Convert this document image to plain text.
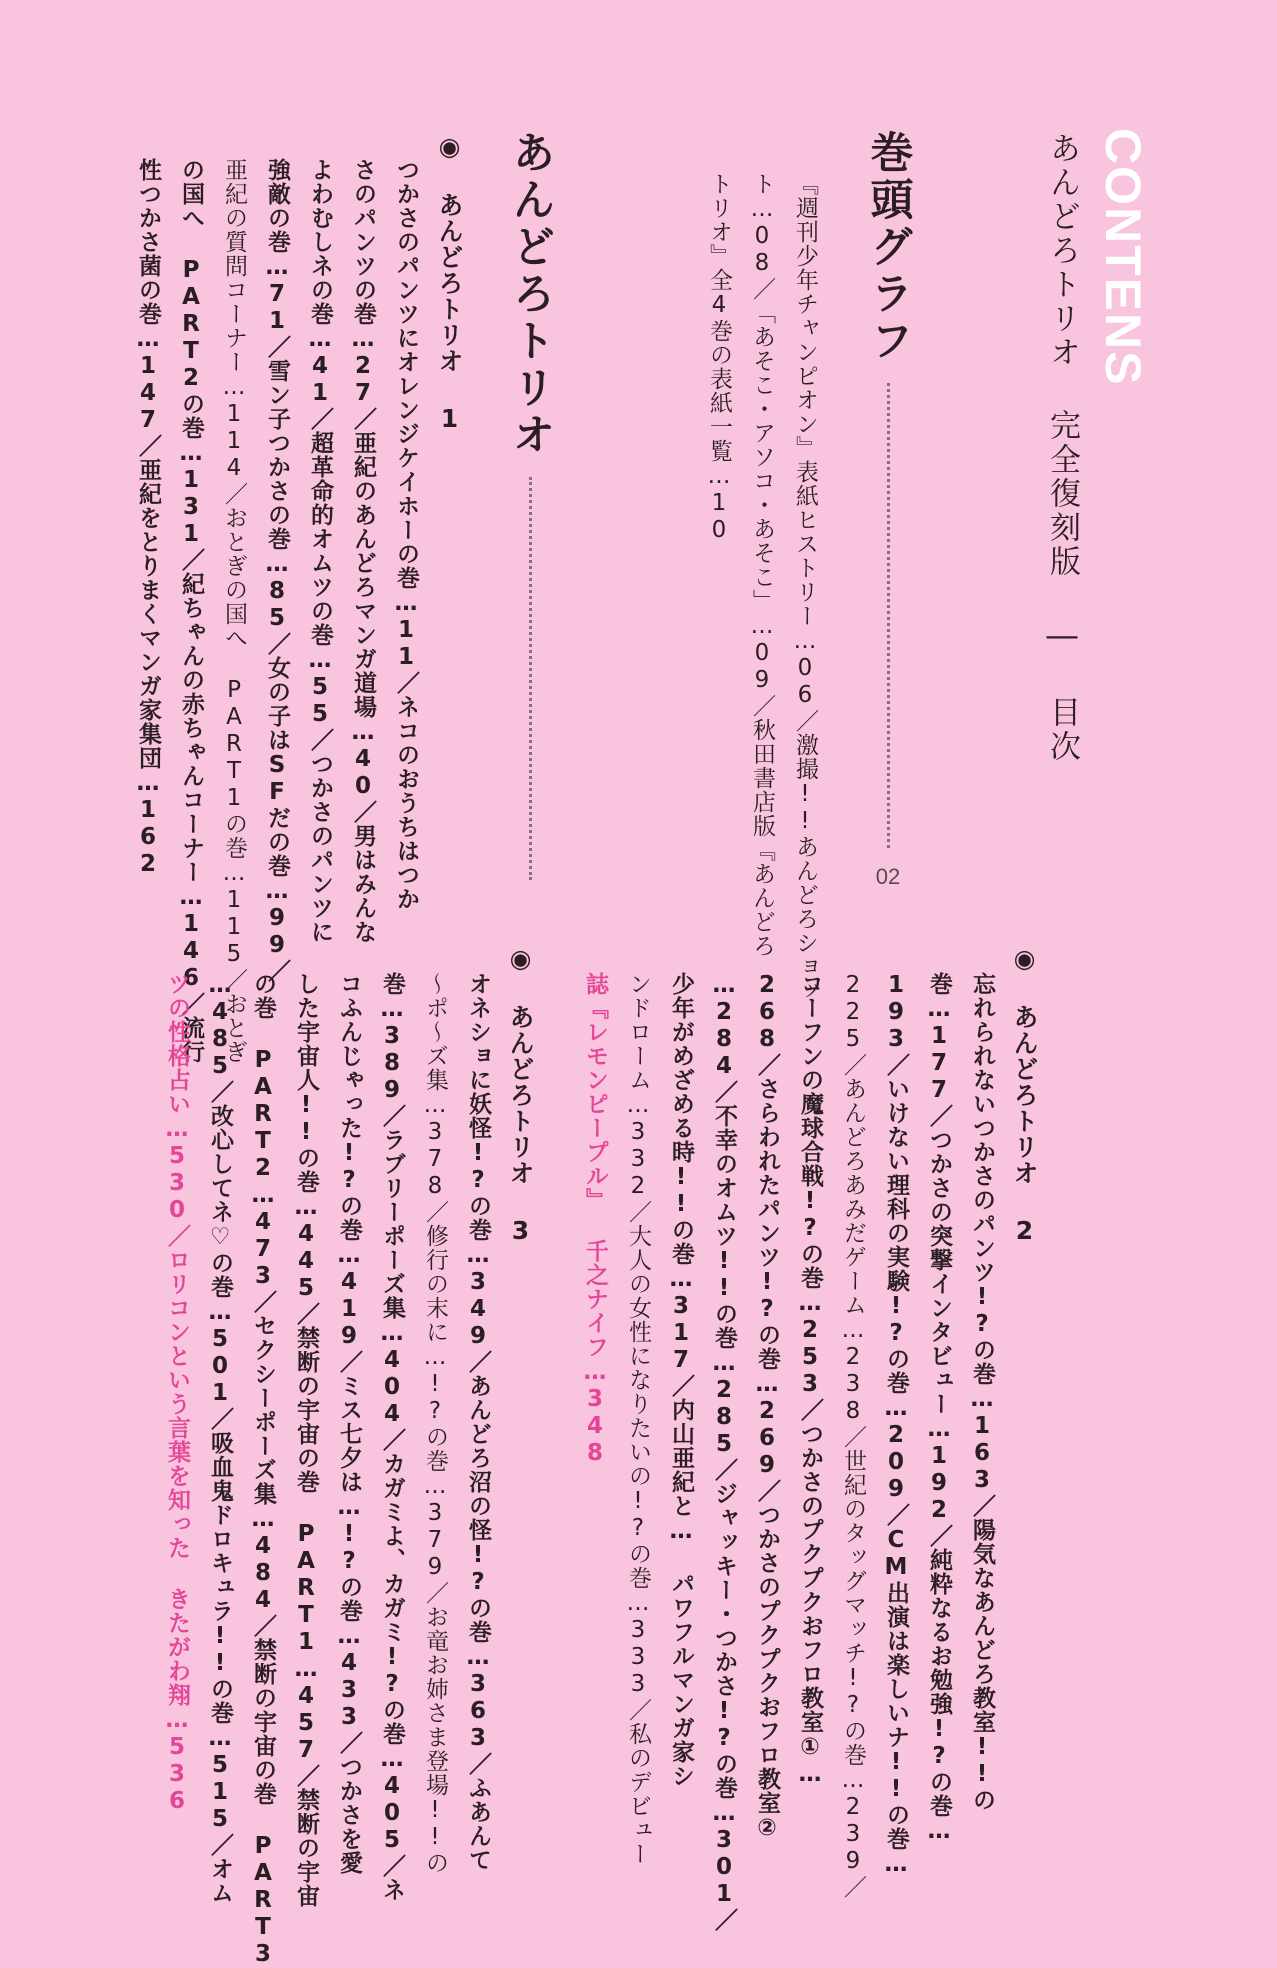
CONTENS
あんどろトリオ 完全復刻版 ― 目次
巻頭グラフ
02
『週刊少年チャンピオン』表紙ヒストリー…06／激撮!!あんどろショッ
ト…08／「あそこ・アソコ・あそこ」…09／秋田書店版『あんどろ
トリオ』全4巻の表紙一覧…10
あんどろトリオ
◉ あんどろトリオ 1
つかさのパンツにオレンジケイホーの巻…11／ネコのおうちはつか
さのパンツの巻…27／亜紀のあんどろマンガ道場…40／男はみんな
よわむしネの巻…41／超革命的オムツの巻…55／つかさのパンツに
強敵の巻…71／雪ン子つかさの巻…85／女の子はSFだの巻…99／
亜紀の質問コーナー…114／おとぎの国へ PART1の巻…115／おとぎ
の国へ PART2の巻…131／紀ちゃんの赤ちゃんコーナー…146／流行
性つかさ菌の巻…147／亜紀をとりまくマンガ家集団…162
◉ あんどろトリオ 2
忘れられないつかさのパンツ!?の巻…163／陽気なあんどろ教室!!の
巻…177／つかさの突撃インタビュー…192／純粋なるお勉強!?の巻…
193／いけない理科の実験!?の巻…209／CM出演は楽しいナ!!の巻…
225／あんどろあみだゲーム…238／世紀のタッグマッチ!?の巻…239／
コーフンの魔球合戦!?の巻…253／つかさのプクプクおフロ教室①…
268／さらわれたパンツ!?の巻…269／つかさのプクプクおフロ教室②
…284／不幸のオムツ!!の巻…285／ジャッキー・つかさ!?の巻…301／
少年がめざめる時!!の巻…317／内山亜紀と… パワフルマンガ家シ
ンドローム…332／大人の女性になりたいの!?の巻…333／私のデビュー
誌『レモンピープル』 千之ナイフ…348
◉ あんどろトリオ 3
オネショに妖怪!?の巻…349／あんどろ沼の怪!?の巻…363／ふあんて
～ポ～ズ集…378／修行の末に…!?の巻…379／お竜お姉さま登場!!の
巻…389／ラブリーポーズ集…404／カガミよ、カガミ!?の巻…405／ネ
コふんじゃった!?の巻…419／ミス七夕は…!?の巻…433／つかさを愛
した宇宙人!!の巻…445／禁断の宇宙の巻 PART1…457／禁断の宇宙
の巻 PART2…473／セクシーポーズ集…484／禁断の宇宙の巻 PART3
…485／改心してネ♡の巻…501／吸血鬼ドロキュラ!!の巻…515／オム
ツの性格占い…530／ロリコンという言葉を知った きたがわ翔…536
